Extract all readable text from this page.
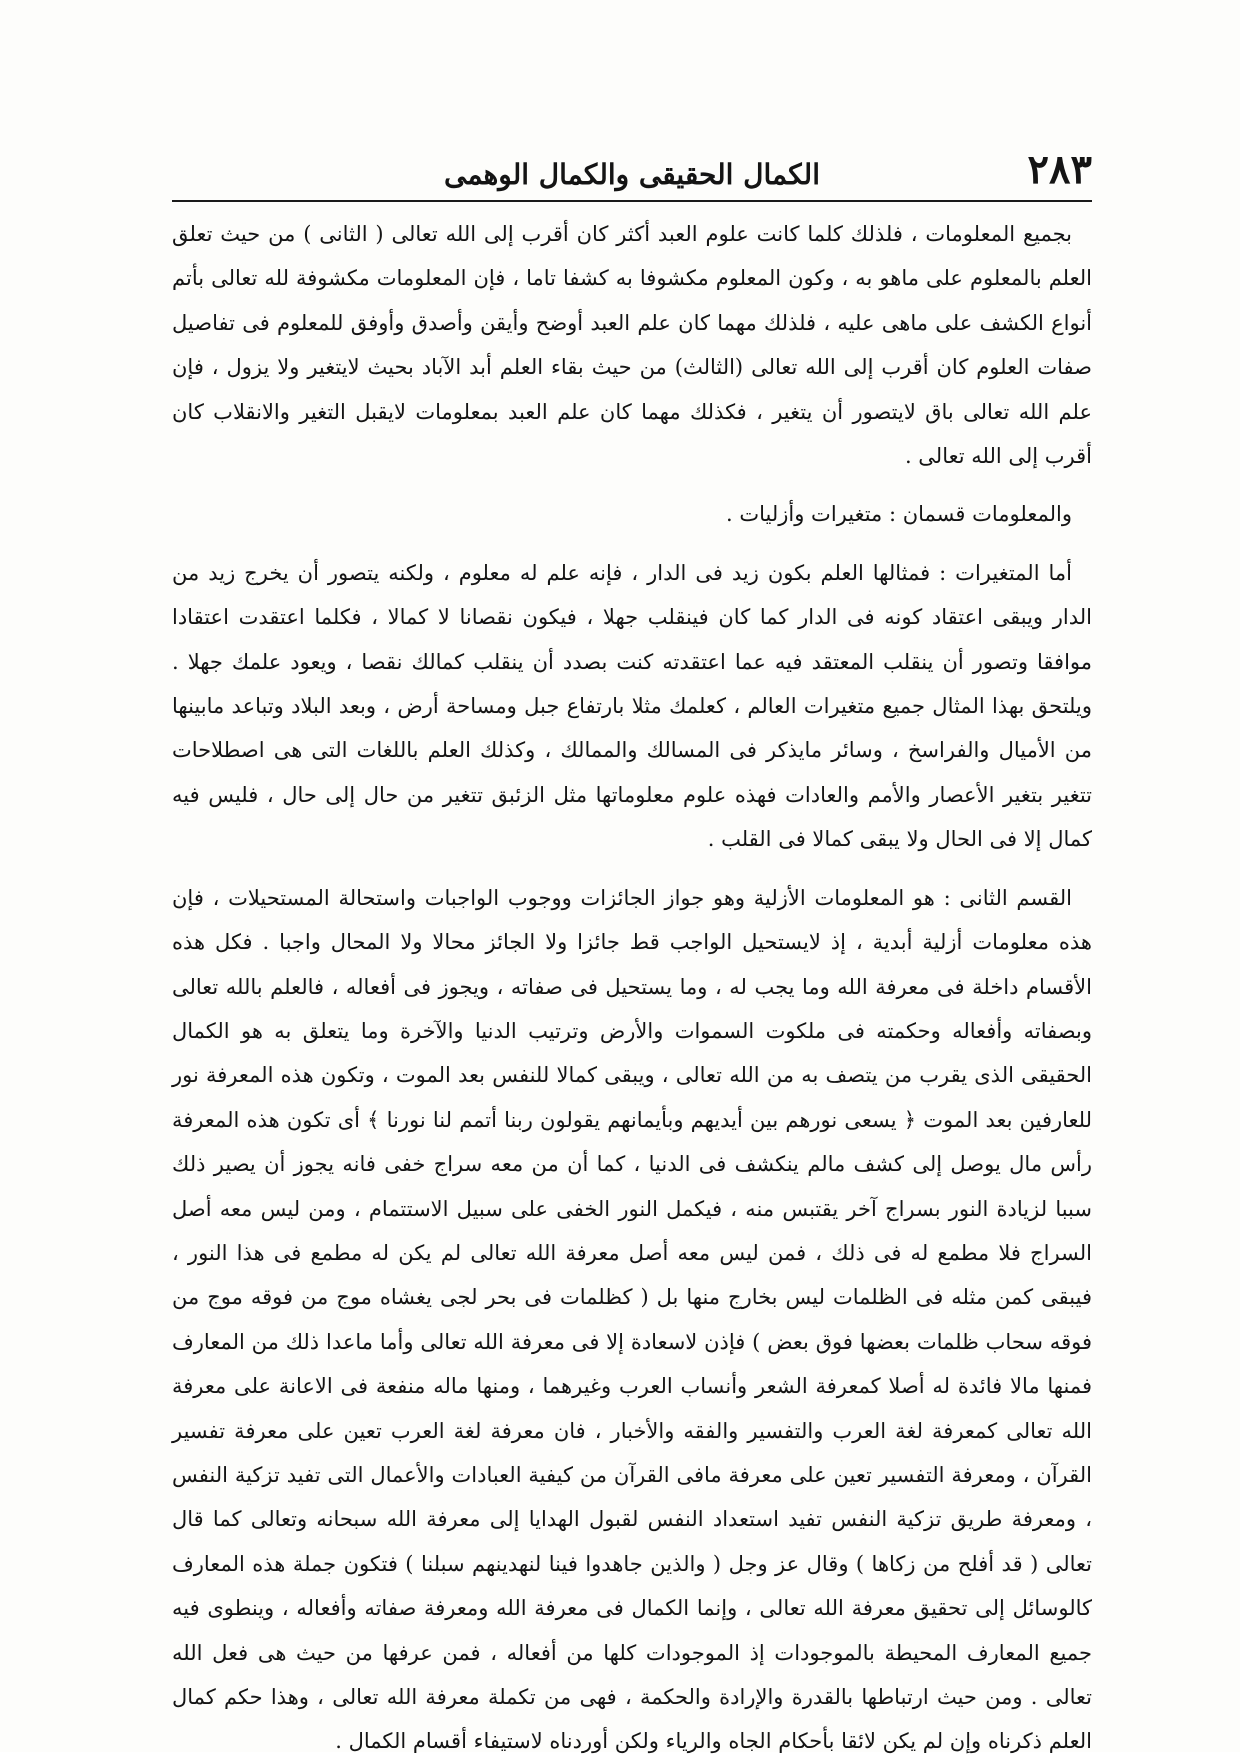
٢٨٣
الكمال الحقيقى والكمال الوهمى

بجميع المعلومات ، فلذلك كلما كانت علوم العبد أكثر كان أقرب إلى الله تعالى ( الثانى ) من حيث تعلق العلم بالمعلوم على ماهو به ، وكون المعلوم مكشوفا به كشفا تاما ، فإن المعلومات مكشوفة لله تعالى بأتم أنواع الكشف على ماهى عليه ، فلذلك مهما كان علم العبد أوضح وأيقن وأصدق وأوفق للمعلوم فى تفاصيل صفات العلوم كان أقرب إلى الله تعالى (الثالث) من حيث بقاء العلم أبد الآباد بحيث لايتغير ولا يزول ، فإن علم الله تعالى باق لايتصور أن يتغير ، فكذلك مهما كان علم العبد بمعلومات لايقبل التغير والانقلاب كان أقرب إلى الله تعالى .

والمعلومات قسمان : متغيرات وأزليات .

أما المتغيرات : فمثالها العلم بكون زيد فى الدار ، فإنه علم له معلوم ، ولكنه يتصور أن يخرج زيد من الدار ويبقى اعتقاد كونه فى الدار كما كان فينقلب جهلا ، فيكون نقصانا لا كمالا ، فكلما اعتقدت اعتقادا موافقا وتصور أن ينقلب المعتقد فيه عما اعتقدته كنت بصدد أن ينقلب كمالك نقصا ، ويعود علمك جهلا . ويلتحق بهذا المثال جميع متغيرات العالم ، كعلمك مثلا بارتفاع جبل ومساحة أرض ، وبعد البلاد وتباعد مابينها من الأميال والفراسخ ، وسائر مايذكر فى المسالك والممالك ، وكذلك العلم باللغات التى هى اصطلاحات تتغير بتغير الأعصار والأمم والعادات فهذه علوم معلوماتها مثل الزئبق تتغير من حال إلى حال ، فليس فيه كمال إلا فى الحال ولا يبقى كمالا فى القلب .

القسم الثانى : هو المعلومات الأزلية وهو جواز الجائزات ووجوب الواجبات واستحالة المستحيلات ، فإن هذه معلومات أزلية أبدية ، إذ لايستحيل الواجب قط جائزا ولا الجائز محالا ولا المحال واجبا . فكل هذه الأقسام داخلة فى معرفة الله وما يجب له ، وما يستحيل فى صفاته ، ويجوز فى أفعاله ، فالعلم بالله تعالى وبصفاته وأفعاله وحكمته فى ملكوت السموات والأرض وترتيب الدنيا والآخرة وما يتعلق به هو الكمال الحقيقى الذى يقرب من يتصف به من الله تعالى ، ويبقى كمالا للنفس بعد الموت ، وتكون هذه المعرفة نور للعارفين بعد الموت ﴿ يسعى نورهم بين أيديهم وبأيمانهم يقولون ربنا أتمم لنا نورنا ﴾ أى تكون هذه المعرفة رأس مال يوصل إلى كشف مالم ينكشف فى الدنيا ، كما أن من معه سراج خفى فانه يجوز أن يصير ذلك سببا لزيادة النور بسراج آخر يقتبس منه ، فيكمل النور الخفى على سبيل الاستتمام ، ومن ليس معه أصل السراج فلا مطمع له فى ذلك ، فمن ليس معه أصل معرفة الله تعالى لم يكن له مطمع فى هذا النور ، فيبقى كمن مثله فى الظلمات ليس بخارج منها بل ( كظلمات فى بحر لجى يغشاه موج من فوقه موج من فوقه سحاب ظلمات بعضها فوق بعض ) فإذن لاسعادة إلا فى معرفة الله تعالى وأما ماعدا ذلك من المعارف فمنها مالا فائدة له أصلا كمعرفة الشعر وأنساب العرب وغيرهما ، ومنها ماله منفعة فى الاعانة على معرفة الله تعالى كمعرفة لغة العرب والتفسير والفقه والأخبار ، فان معرفة لغة العرب تعين على معرفة تفسير القرآن ، ومعرفة التفسير تعين على معرفة مافى القرآن من كيفية العبادات والأعمال التى تفيد تزكية النفس ، ومعرفة طريق تزكية النفس تفيد استعداد النفس لقبول الهدايا إلى معرفة الله سبحانه وتعالى كما قال تعالى ( قد أفلح من زكاها ) وقال عز وجل ( والذين جاهدوا فينا لنهدينهم سبلنا ) فتكون جملة هذه المعارف كالوسائل إلى تحقيق معرفة الله تعالى ، وإنما الكمال فى معرفة الله ومعرفة صفاته وأفعاله ، وينطوى فيه جميع المعارف المحيطة بالموجودات إذ الموجودات كلها من أفعاله ، فمن عرفها من حيث هى فعل الله تعالى . ومن حيث ارتباطها بالقدرة والإرادة والحكمة ، فهى من تكملة معرفة الله تعالى ، وهذا حكم كمال العلم ذكرناه وإن لم يكن لائقا بأحكام الجاه والرياء ولكن أوردناه لاستيفاء أقسام الكمال .
